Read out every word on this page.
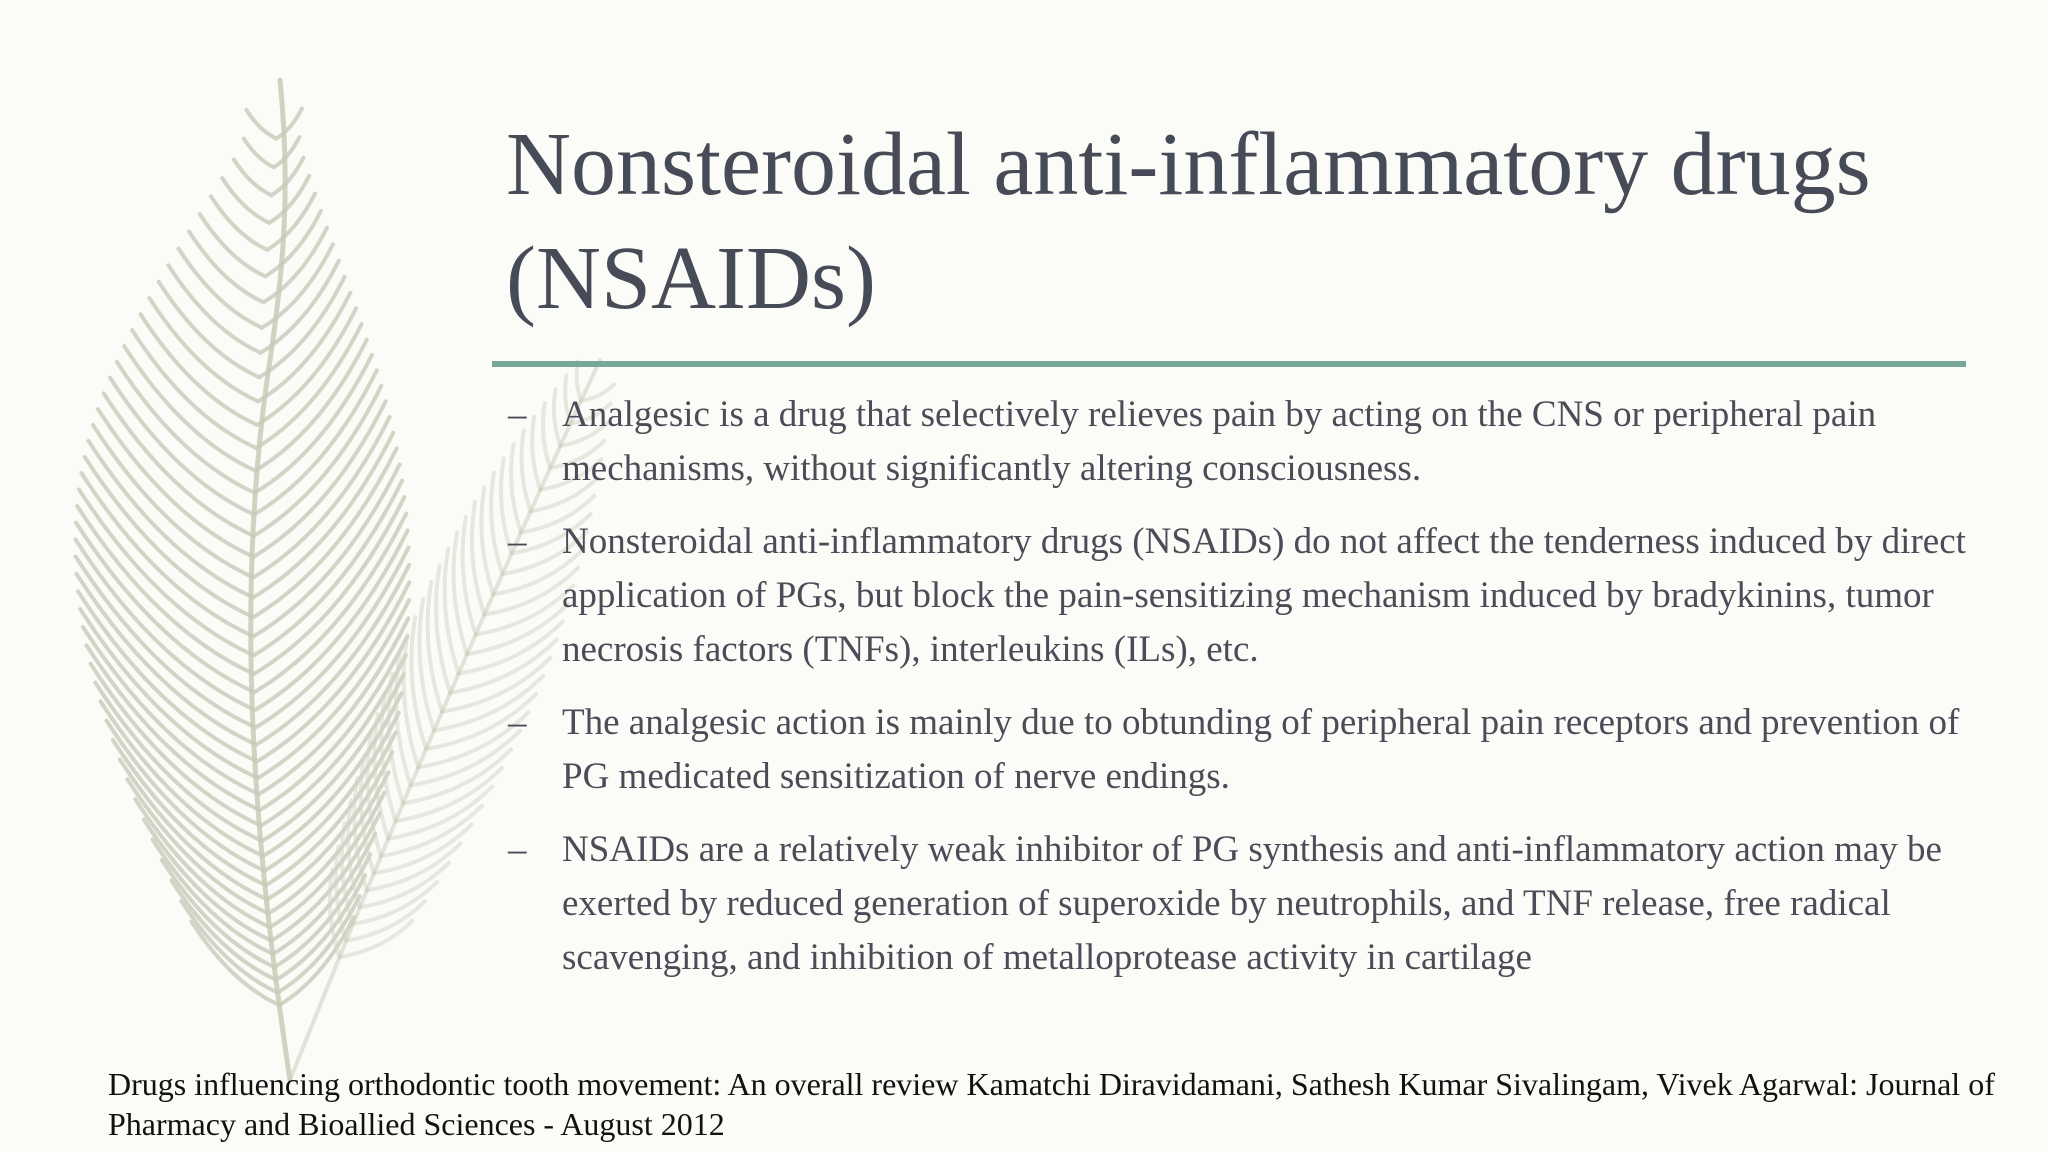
Nonsteroidal anti-inflammatory drugs (NSAIDs)
– Analgesic is a drug that selectively relieves pain by acting on the CNS or peripheral pain mechanisms, without significantly altering consciousness.
– Nonsteroidal anti-inflammatory drugs (NSAIDs) do not affect the tenderness induced by direct application of PGs, but block the pain-sensitizing mechanism induced by bradykinins, tumor necrosis factors (TNFs), interleukins (ILs), etc.
– The analgesic action is mainly due to obtunding of peripheral pain receptors and prevention of PG medicated sensitization of nerve endings.
– NSAIDs are a relatively weak inhibitor of PG synthesis and anti-inflammatory action may be exerted by reduced generation of superoxide by neutrophils, and TNF release, free radical scavenging, and inhibition of metalloprotease activity in cartilage

Drugs influencing orthodontic tooth movement: An overall review Kamatchi Diravidamani, Sathesh Kumar Sivalingam, Vivek Agarwal: Journal of Pharmacy and Bioallied Sciences - August 2012
